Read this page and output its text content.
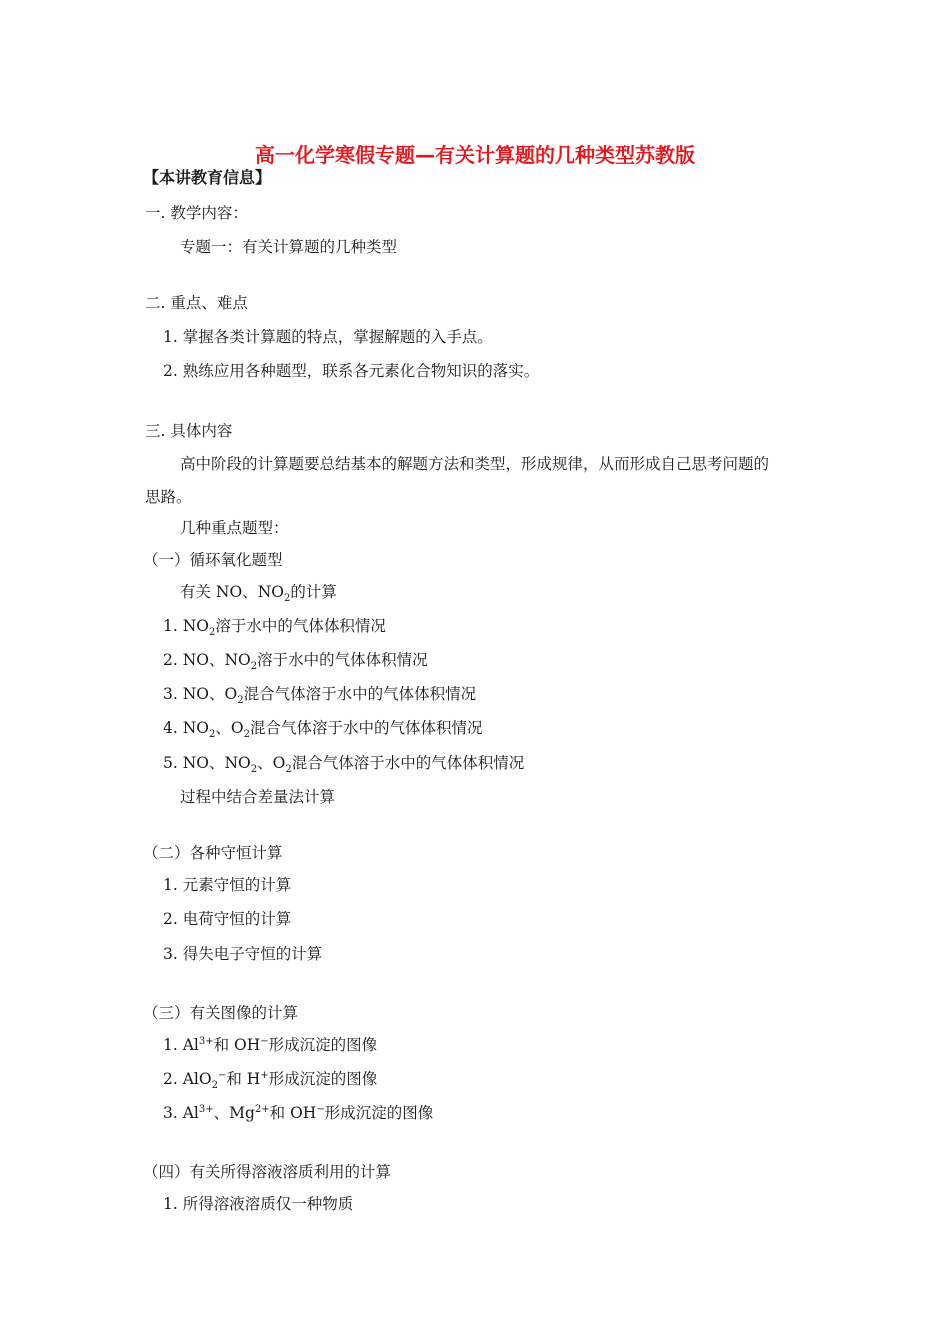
高一化学寒假专题—有关计算题的几种类型苏教版
【本讲教育信息】
一. 教学内容：
专题一：有关计算题的几种类型
二. 重点、难点
1. 掌握各类计算题的特点，掌握解题的入手点。
2. 熟练应用各种题型，联系各元素化合物知识的落实。
三. 具体内容
高中阶段的计算题要总结基本的解题方法和类型，形成规律，从而形成自己思考问题的
思路。
几种重点题型：
（一）循环氧化题型
有关 NO、$NO_2$的计算
1. $NO_2$溶于水中的气体体积情况
2. NO、$NO_2$溶于水中的气体体积情况
3. NO、$O_2$混合气体溶于水中的气体体积情况
4. $NO_2$、$O_2$混合气体溶于水中的气体体积情况
5. NO、$NO_2$、$O_2$混合气体溶于水中的气体体积情况
过程中结合差量法计算
（二）各种守恒计算
1. 元素守恒的计算
2. 电荷守恒的计算
3. 得失电子守恒的计算
（三）有关图像的计算
1. $Al^{3+}$和 OH−形成沉淀的图像
2. AlO$_2$−和 H+形成沉淀的图像
3. $Al^{3+}$、$Mg^{2+}$和 OH−形成沉淀的图像
（四）有关所得溶液溶质利用的计算
1. 所得溶液溶质仅一种物质
